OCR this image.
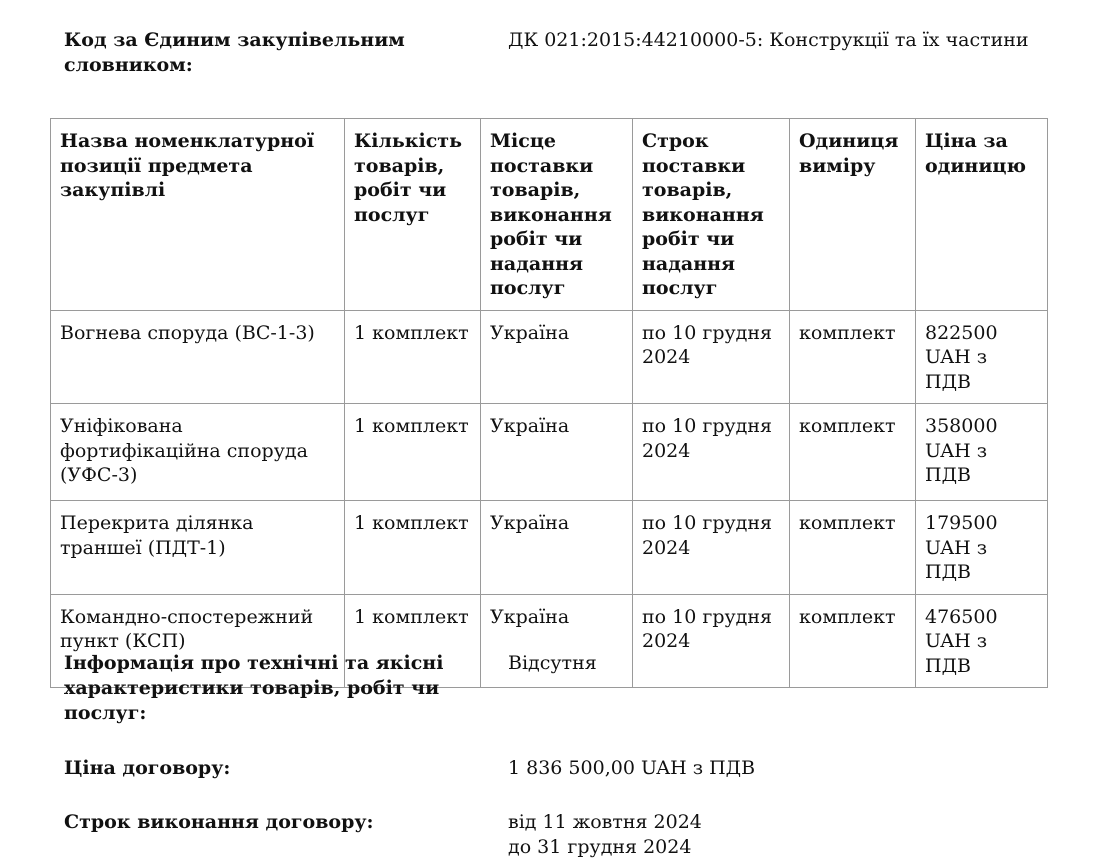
Код за Єдиним закупівельним словником:
ДК 021:2015:44210000-5: Конструкції та їх частини
Назва номенклатурної позиції предмета закупівлі	Кількість товарів, робіт чи послуг	Місце поставки товарів, виконання робіт чи надання послуг	Строк поставки товарів, виконання робіт чи надання послуг	Одиниця виміру	Ціна за одиницю
Вогнева споруда (ВС-1-3)	1 комплект	Україна	по 10 грудня 2024	комплект	822500 UAH з ПДВ
Уніфікована фортифікаційна споруда (УФС-3)	1 комплект	Україна	по 10 грудня 2024	комплект	358000 UAH з ПДВ
Перекрита ділянка траншеї (ПДТ-1)	1 комплект	Україна	по 10 грудня 2024	комплект	179500 UAH з ПДВ
Командно-спостережний пункт (КСП)	1 комплект	Україна	по 10 грудня 2024	комплект	476500 UAH з ПДВ
Інформація про технічні та якісні характеристики товарів, робіт чи послуг:
Відсутня
Ціна договору:	1 836 500,00 UAH з ПДВ
Строк виконання договору:	від 11 жовтня 2024
до 31 грудня 2024
